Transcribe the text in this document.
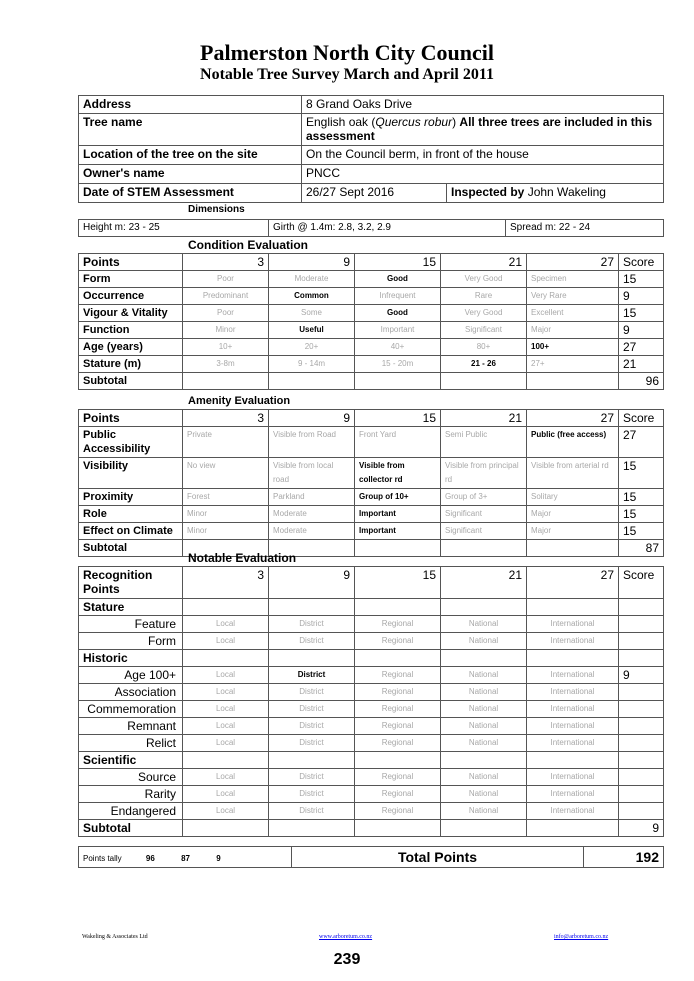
Palmerston North City Council
Notable Tree Survey March and April 2011
Address	8 Grand Oaks Drive	
Tree name	English oak (Quercus robur) All three trees are included in this assessment	
Location of the tree on the site	On the Council berm, in front of the house	
Owner's name	PNCC	
Date of STEM Assessment	26/27 Sept 2016	Inspected by John Wakeling
Dimensions
Height m: 23 - 25	Girth @ 1.4m: 2.8, 3.2, 2.9	Spread m: 22 - 24
Condition Evaluation
Points	3	9	15	21	27	Score
Form	Poor	Moderate	Good	Very Good	Specimen	15
Occurrence	Predominant	Common	Infrequent	Rare	Very Rare	9
Vigour & Vitality	Poor	Some	Good	Very Good	Excellent	15
Function	Minor	Useful	Important	Significant	Major	9
Age (years)	10+	20+	40+	80+	100+	27
Stature (m)	3-8m	9 - 14m	15 - 20m	21 - 26	27+	21
Subtotal						96
Amenity Evaluation
Points	3	9	15	21	27	Score
Public Accessibility	Private	Visible from Road	Front Yard	Semi Public	Public (free access)	27
Visibility	No view	Visible from local road	Visible from collector rd	Visible from principal rd	Visible from arterial rd	15
Proximity	Forest	Parkland	Group of 10+	Group of 3+	Solitary	15
Role	Minor	Moderate	Important	Significant	Major	15
Effect on Climate	Minor	Moderate	Important	Significant	Major	15
Subtotal						87
Notable Evaluation
Recognition Points	3	9	15	21	27	Score
Stature						
Feature	Local	District	Regional	National	International	
Form	Local	District	Regional	National	International	
Historic						
Age 100+	Local	District	Regional	National	International	9
Association	Local	District	Regional	National	International	
Commemoration	Local	District	Regional	National	International	
Remnant	Local	District	Regional	National	International	
Relict	Local	District	Regional	National	International	
Scientific						
Source	Local	District	Regional	National	International	
Rarity	Local	District	Regional	National	International	
Endangered	Local	District	Regional	National	International	
Subtotal						9
Points tally	96	87	9	Total Points	192
Wakeling & Associates Ltd	www.arboretum.co.nz	info@arboretum.co.nz
239
